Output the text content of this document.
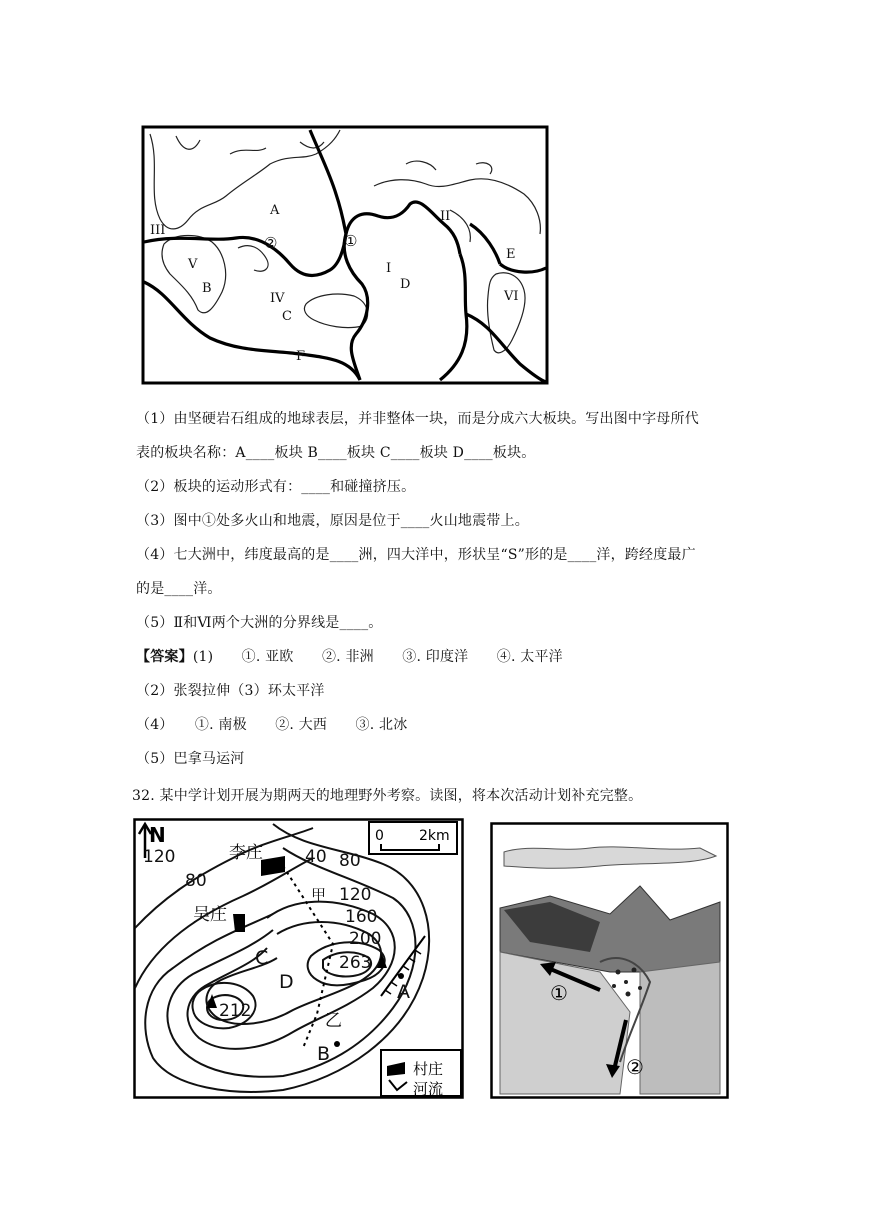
A
B
C
D
E
F
I
II
III
IV
V
VI
①
②
（1）由坚硬岩石组成的地球表层，并非整体一块，而是分成六大板块。写出图中字母所代
表的板块名称：A____板块 B____板块 C____板块 D____板块。
（2）板块的运动形式有：____和碰撞挤压。
（3）图中①处多火山和地震，原因是位于____火山地震带上。
（4）七大洲中，纬度最高的是____洲，四大洋中，形状呈“S”形的是____洋，跨经度最广
的是____洋。
（5）Ⅱ和Ⅵ两个大洲的分界线是____。
【答案】(1)　　①. 亚欧　　②. 非洲　　③. 印度洋　　④. 太平洋
（2）张裂拉伸（3）环太平洋
（4）　　①. 南极　　②. 大西　　③. 北冰
（5）巴拿马运河
32. 某中学计划开展为期两天的地理野外考察。读图，将本次活动计划补充完整。
N	0	2km
李庄
吴庄
120
80
40 80
120
160
200
263
212
甲
C
D	A
B
乙
村庄
河流
①
②
